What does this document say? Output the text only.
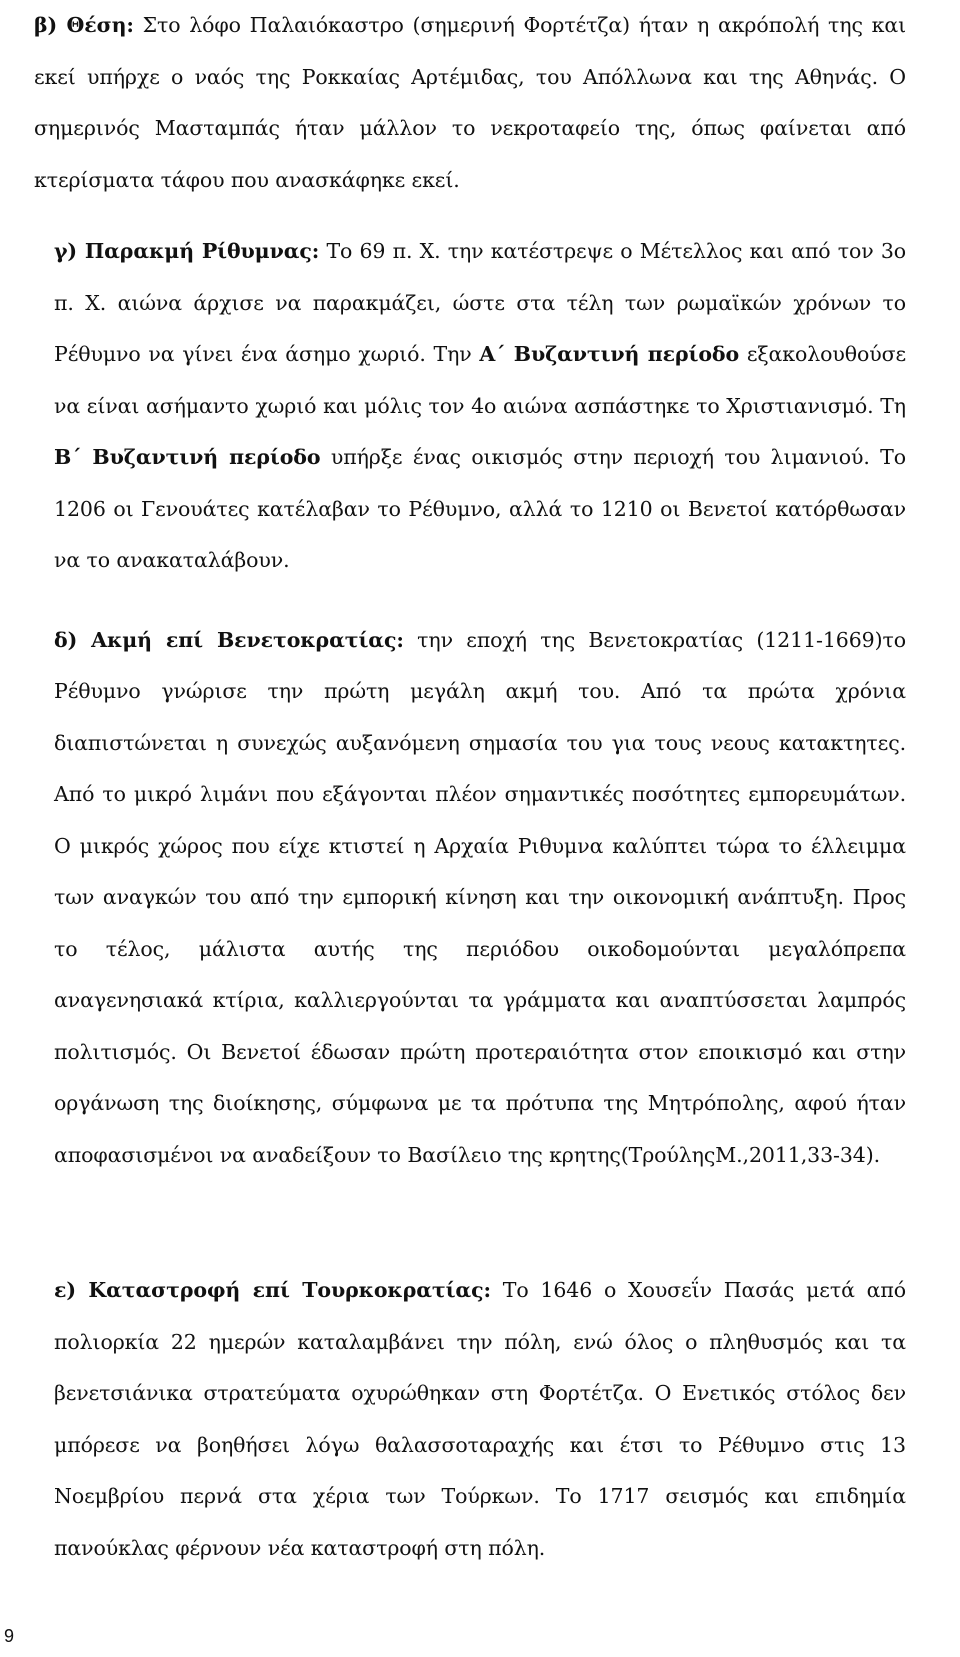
β) Θέση: Στο λόφο Παλαιόκαστρο (σημερινή Φορτέτζα) ήταν η ακρόπολή της και εκεί υπήρχε ο ναός της Ροκκαίας Αρτέμιδας, του Απόλλωνα και της Αθηνάς. Ο σημερινός Μασταμπάς ήταν μάλλον το νεκροταφείο της, όπως φαίνεται από κτερίσματα τάφου που ανασκάφηκε εκεί.

γ) Παρακμή Ρίθυμνας: Το 69 π. Χ. την κατέστρεψε ο Μέτελλος και από τον 3ο π. Χ. αιώνα άρχισε να παρακμάζει, ώστε στα τέλη των ρωμαϊκών χρόνων το Ρέθυμνο να γίνει ένα άσημο χωριό. Την Α΄ Βυζαντινή περίοδο εξακολουθούσε να είναι ασήμαντο χωριό και μόλις τον 4ο αιώνα ασπάστηκε το Χριστιανισμό. Τη Β΄ Βυζαντινή περίοδο υπήρξε ένας οικισμός στην περιοχή του λιμανιού. Το 1206 οι Γενουάτες κατέλαβαν το Ρέθυμνο, αλλά το 1210 οι Βενετοί κατόρθωσαν να το ανακαταλάβουν.

δ) Ακμή επί Βενετοκρατίας: την εποχή της Βενετοκρατίας (1211-1669)το Ρέθυμνο γνώρισε την πρώτη μεγάλη ακμή του. Από τα πρώτα χρόνια διαπιστώνεται η συνεχώς αυξανόμενη σημασία του για τους νεους κατακτητες. Από το μικρό λιμάνι που εξάγονται πλέον σημαντικές ποσότητες εμπορευμάτων. Ο μικρός χώρος που είχε κτιστεί η Αρχαία Ριθυμνα καλύπτει τώρα το έλλειμμα των αναγκών του από την εμπορική κίνηση και την οικονομική ανάπτυξη. Προς το τέλος, μάλιστα αυτής της περιόδου οικοδομούνται μεγαλόπρεπα αναγενησιακά κτίρια, καλλιεργούνται τα γράμματα και αναπτύσσεται λαμπρός πολιτισμός. Οι Βενετοί έδωσαν πρώτη προτεραιότητα στον εποικισμό και στην οργάνωση της διοίκησης, σύμφωνα με τα πρότυπα της Μητρόπολης, αφού ήταν αποφασισμένοι να αναδείξουν το Βασίλειο της κρητης(ΤρούληςΜ.,2011,33-34).

ε) Καταστροφή επί Τουρκοκρατίας: Το 1646 ο Χουσεΐν Πασάς μετά από πολιορκία 22 ημερών καταλαμβάνει την πόλη, ενώ όλος ο πληθυσμός και τα βενετσιάνικα στρατεύματα οχυρώθηκαν στη Φορτέτζα. Ο Ενετικός στόλος δεν μπόρεσε να βοηθήσει λόγω θαλασσοταραχής και έτσι το Ρέθυμνο στις 13 Νοεμβρίου περνά στα χέρια των Τούρκων. Το 1717 σεισμός και επιδημία πανούκλας φέρνουν νέα καταστροφή στη πόλη.

9
